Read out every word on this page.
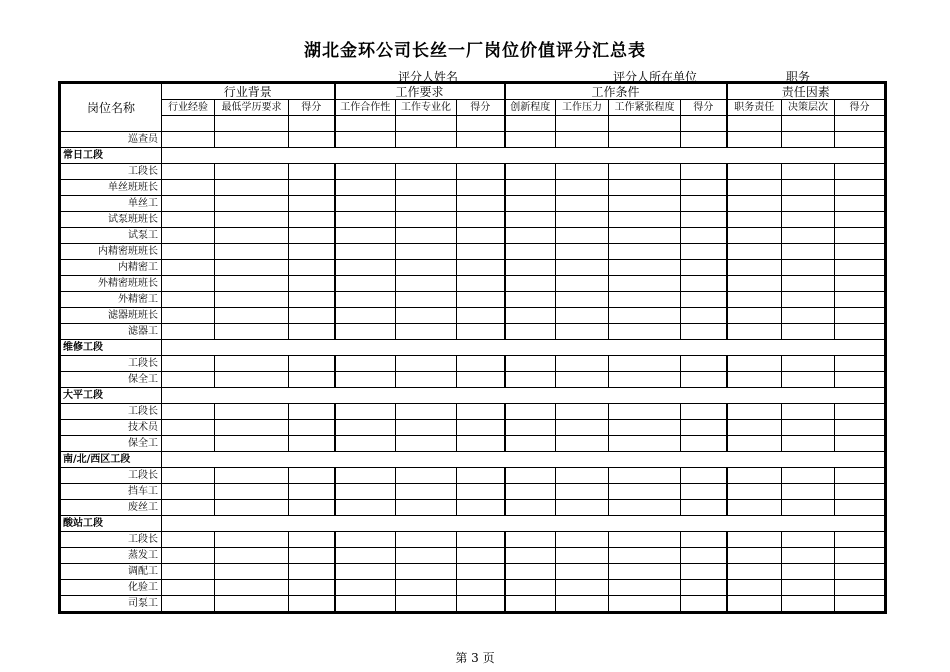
湖北金环公司长丝一厂岗位价值评分汇总表
评分人姓名	评分人所在单位	职务
岗位名称	行业背景			工作要求			工作条件				责任因素		
	行业经验	最低学历要求	得分	工作合作性	工作专业化	得分	创新程度	工作压力	工作紧张程度	得分	职务责任	决策层次	得分

巡查员													
常日工段													
工段长													
单丝班班长													
单丝工													
试泵班班长													
试泵工													
内精密班班长													
内精密工													
外精密班班长													
外精密工													
滤器班班长													
滤器工													
维修工段													
工段长													
保全工													
大平工段													
工段长													
技术员													
保全工													
南/北/西区工段													
工段长													
挡车工													
废丝工													
酸站工段													
工段长													
蒸发工													
调配工													
化验工													
司泵工													
第 3 页
